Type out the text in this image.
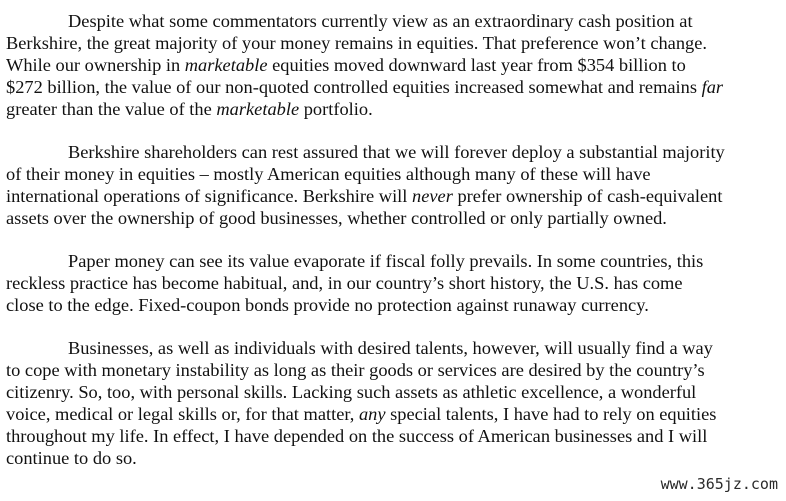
Despite what some commentators currently view as an extraordinary cash position at
Berkshire, the great majority of your money remains in equities. That preference won’t change.
While our ownership in marketable equities moved downward last year from $354 billion to
$272 billion, the value of our non-quoted controlled equities increased somewhat and remains far
greater than the value of the marketable portfolio.

Berkshire shareholders can rest assured that we will forever deploy a substantial majority
of their money in equities – mostly American equities although many of these will have
international operations of significance. Berkshire will never prefer ownership of cash-equivalent
assets over the ownership of good businesses, whether controlled or only partially owned.

Paper money can see its value evaporate if fiscal folly prevails. In some countries, this
reckless practice has become habitual, and, in our country’s short history, the U.S. has come
close to the edge. Fixed-coupon bonds provide no protection against runaway currency.

Businesses, as well as individuals with desired talents, however, will usually find a way
to cope with monetary instability as long as their goods or services are desired by the country’s
citizenry. So, too, with personal skills. Lacking such assets as athletic excellence, a wonderful
voice, medical or legal skills or, for that matter, any special talents, I have had to rely on equities
throughout my life. In effect, I have depended on the success of American businesses and I will
continue to do so.

www.365jz.com
